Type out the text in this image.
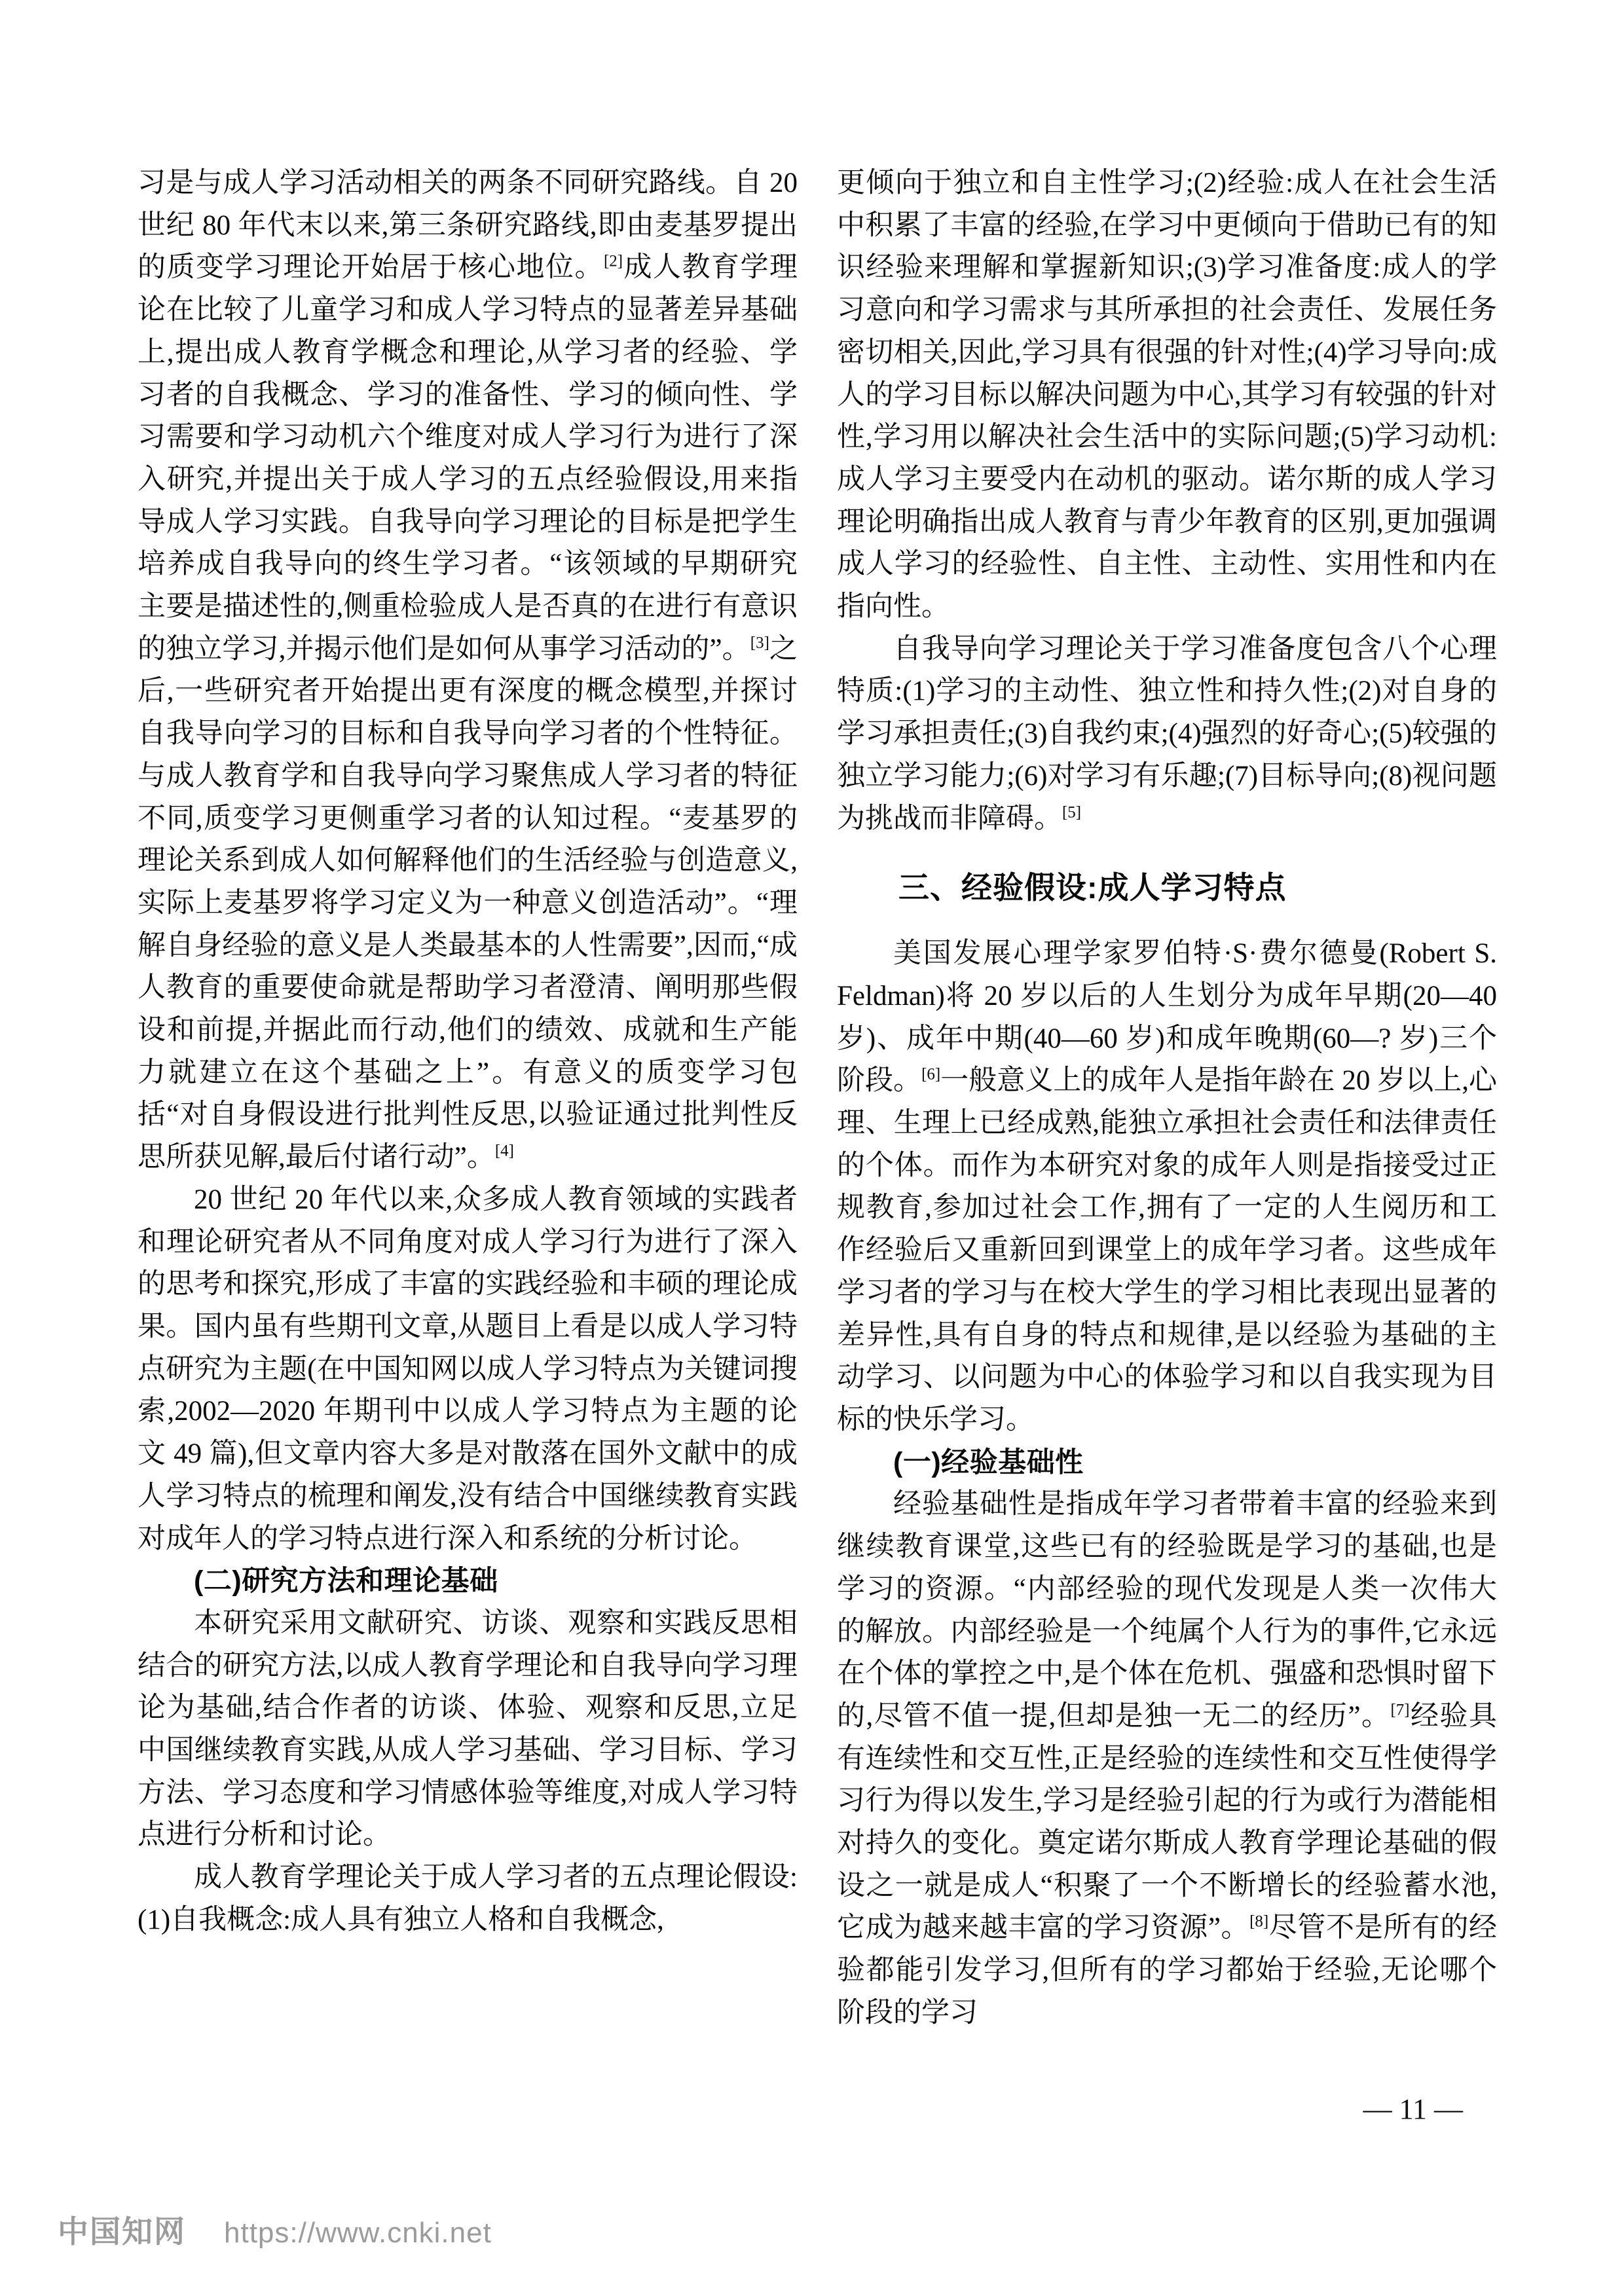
习是与成人学习活动相关的两条不同研究路线。自 20 世纪 80 年代末以来,第三条研究路线,即由麦基罗提出的质变学习理论开始居于核心地位。[2]成人教育学理论在比较了儿童学习和成人学习特点的显著差异基础上,提出成人教育学概念和理论,从学习者的经验、学习者的自我概念、学习的准备性、学习的倾向性、学习需要和学习动机六个维度对成人学习行为进行了深入研究,并提出关于成人学习的五点经验假设,用来指导成人学习实践。自我导向学习理论的目标是把学生培养成自我导向的终生学习者。“该领域的早期研究主要是描述性的,侧重检验成人是否真的在进行有意识的独立学习,并揭示他们是如何从事学习活动的”。[3]之后,一些研究者开始提出更有深度的概念模型,并探讨自我导向学习的目标和自我导向学习者的个性特征。与成人教育学和自我导向学习聚焦成人学习者的特征不同,质变学习更侧重学习者的认知过程。“麦基罗的理论关系到成人如何解释他们的生活经验与创造意义,实际上麦基罗将学习定义为一种意义创造活动”。“理解自身经验的意义是人类最基本的人性需要”,因而,“成人教育的重要使命就是帮助学习者澄清、阐明那些假设和前提,并据此而行动,他们的绩效、成就和生产能力就建立在这个基础之上”。有意义的质变学习包括“对自身假设进行批判性反思,以验证通过批判性反思所获见解,最后付诸行动”。[4]

20 世纪 20 年代以来,众多成人教育领域的实践者和理论研究者从不同角度对成人学习行为进行了深入的思考和探究,形成了丰富的实践经验和丰硕的理论成果。国内虽有些期刊文章,从题目上看是以成人学习特点研究为主题(在中国知网以成人学习特点为关键词搜索,2002—2020 年期刊中以成人学习特点为主题的论文 49 篇),但文章内容大多是对散落在国外文献中的成人学习特点的梳理和阐发,没有结合中国继续教育实践对成年人的学习特点进行深入和系统的分析讨论。

(二)研究方法和理论基础

本研究采用文献研究、访谈、观察和实践反思相结合的研究方法,以成人教育学理论和自我导向学习理论为基础,结合作者的访谈、体验、观察和反思,立足中国继续教育实践,从成人学习基础、学习目标、学习方法、学习态度和学习情感体验等维度,对成人学习特点进行分析和讨论。

成人教育学理论关于成人学习者的五点理论假设:(1)自我概念:成人具有独立人格和自我概念,

更倾向于独立和自主性学习;(2)经验:成人在社会生活中积累了丰富的经验,在学习中更倾向于借助已有的知识经验来理解和掌握新知识;(3)学习准备度:成人的学习意向和学习需求与其所承担的社会责任、发展任务密切相关,因此,学习具有很强的针对性;(4)学习导向:成人的学习目标以解决问题为中心,其学习有较强的针对性,学习用以解决社会生活中的实际问题;(5)学习动机:成人学习主要受内在动机的驱动。诺尔斯的成人学习理论明确指出成人教育与青少年教育的区别,更加强调成人学习的经验性、自主性、主动性、实用性和内在指向性。

自我导向学习理论关于学习准备度包含八个心理特质:(1)学习的主动性、独立性和持久性;(2)对自身的学习承担责任;(3)自我约束;(4)强烈的好奇心;(5)较强的独立学习能力;(6)对学习有乐趣;(7)目标导向;(8)视问题为挑战而非障碍。[5]

三、经验假设:成人学习特点

美国发展心理学家罗伯特·S·费尔德曼(Robert S. Feldman)将 20 岁以后的人生划分为成年早期(20—40 岁)、成年中期(40—60 岁)和成年晚期(60—? 岁)三个阶段。[6]一般意义上的成年人是指年龄在 20 岁以上,心理、生理上已经成熟,能独立承担社会责任和法律责任的个体。而作为本研究对象的成年人则是指接受过正规教育,参加过社会工作,拥有了一定的人生阅历和工作经验后又重新回到课堂上的成年学习者。这些成年学习者的学习与在校大学生的学习相比表现出显著的差异性,具有自身的特点和规律,是以经验为基础的主动学习、以问题为中心的体验学习和以自我实现为目标的快乐学习。

(一)经验基础性

经验基础性是指成年学习者带着丰富的经验来到继续教育课堂,这些已有的经验既是学习的基础,也是学习的资源。“内部经验的现代发现是人类一次伟大的解放。内部经验是一个纯属个人行为的事件,它永远在个体的掌控之中,是个体在危机、强盛和恐惧时留下的,尽管不值一提,但却是独一无二的经历”。[7]经验具有连续性和交互性,正是经验的连续性和交互性使得学习行为得以发生,学习是经验引起的行为或行为潜能相对持久的变化。奠定诺尔斯成人教育学理论基础的假设之一就是成人“积聚了一个不断增长的经验蓄水池,它成为越来越丰富的学习资源”。[8]尽管不是所有的经验都能引发学习,但所有的学习都始于经验,无论哪个阶段的学习

— 11 —
中国知网 https://www.cnki.net
